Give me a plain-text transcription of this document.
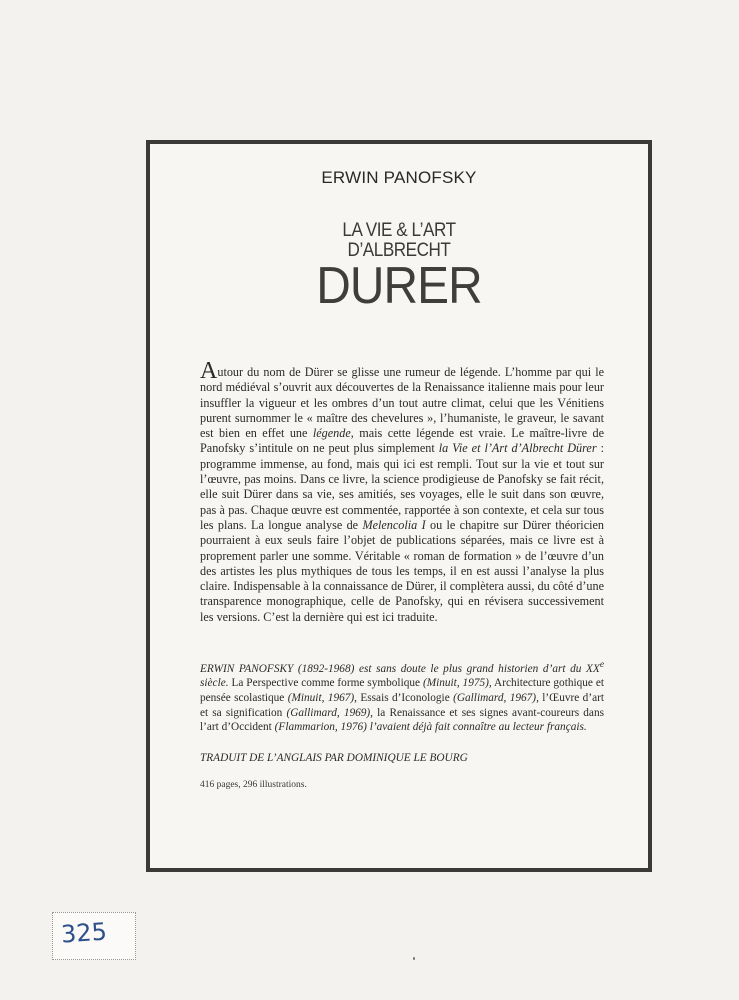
ERWIN PANOFSKY
LA VIE & L’ART
D’ALBRECHT
DURER
Autour du nom de Dürer se glisse une rumeur de légende. L’homme par qui le nord médiéval s’ouvrit aux découvertes de la Renaissance italienne mais pour leur insuffler la vigueur et les ombres d’un tout autre climat, celui que les Vénitiens purent surnommer le « maître des chevelures », l’humaniste, le graveur, le savant est bien en effet une légende, mais cette légende est vraie. Le maître-livre de Panofsky s’intitule on ne peut plus simplement la Vie et l’Art d’Albrecht Dürer : programme immense, au fond, mais qui ici est rempli. Tout sur la vie et tout sur l’œuvre, pas moins. Dans ce livre, la science prodigieuse de Panofsky se fait récit, elle suit Dürer dans sa vie, ses amitiés, ses voyages, elle le suit dans son œuvre, pas à pas. Chaque œuvre est commentée, rapportée à son contexte, et cela sur tous les plans. La longue analyse de Melencolia I ou le chapitre sur Dürer théoricien pourraient à eux seuls faire l’objet de publications séparées, mais ce livre est à proprement parler une somme. Véritable « roman de formation » de l’œuvre d’un des artistes les plus mythiques de tous les temps, il en est aussi l’analyse la plus claire. Indispensable à la connaissance de Dürer, il complètera aussi, du côté d’une transparence monographique, celle de Panofsky, qui en révisera successivement les versions. C’est la dernière qui est ici traduite.
ERWIN PANOFSKY (1892-1968) est sans doute le plus grand historien d’art du XXe siècle. La Perspective comme forme symbolique (Minuit, 1975), Architecture gothique et pensée scolastique (Minuit, 1967), Essais d’Iconologie (Gallimard, 1967), l’Œuvre d’art et sa signification (Gallimard, 1969), la Renaissance et ses signes avant-coureurs dans l’art d’Occident (Flammarion, 1976) l’avaient déjà fait connaître au lecteur français.
TRADUIT DE L’ANGLAIS PAR DOMINIQUE LE BOURG
416 pages, 296 illustrations.
325
